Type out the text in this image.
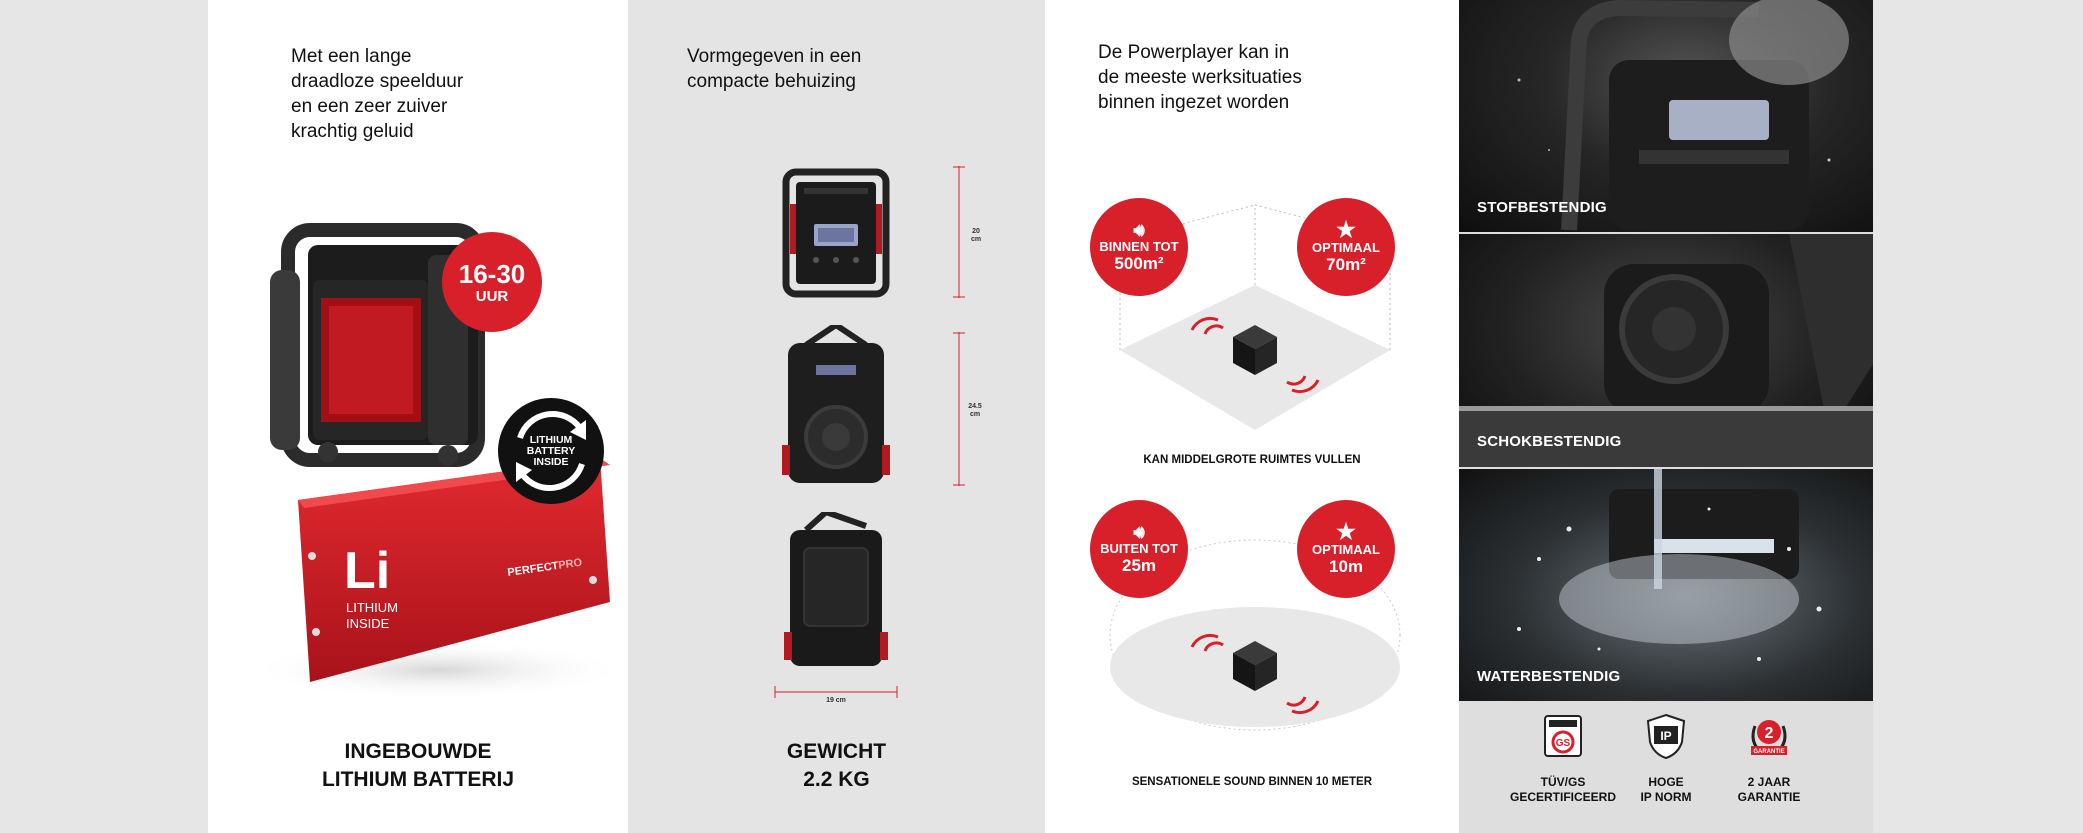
Met een lange
draadloze speelduur
en een zeer zuiver
krachtig geluid
Li
LITHIUM
INSIDE
PERFECTPRO
16-30
UUR
LITHIUM
BATTERY
INSIDE
INGEBOUWDE
LITHIUM BATTERIJ
Vormgegeven in een
compacte behuizing
20
cm
24.5
cm
19 cm
GEWICHT
2.2 KG
De Powerplayer kan in
de meeste werksituaties
binnen ingezet worden
🔊︎
BINNEN TOT
500m²
★
OPTIMAAL
70m²
KAN MIDDELGROTE RUIMTES VULLEN
🔊︎
BUITEN TOT
25m
★
OPTIMAAL
10m
SENSATIONELE SOUND BINNEN 10 METER
STOFBESTENDIG
SCHOKBESTENDIG
WATERBESTENDIG
GS
TÜV/GS
GECERTIFICEERD
IP
HOGE
IP NORM
2
GARANTIE
2 JAAR
GARANTIE
